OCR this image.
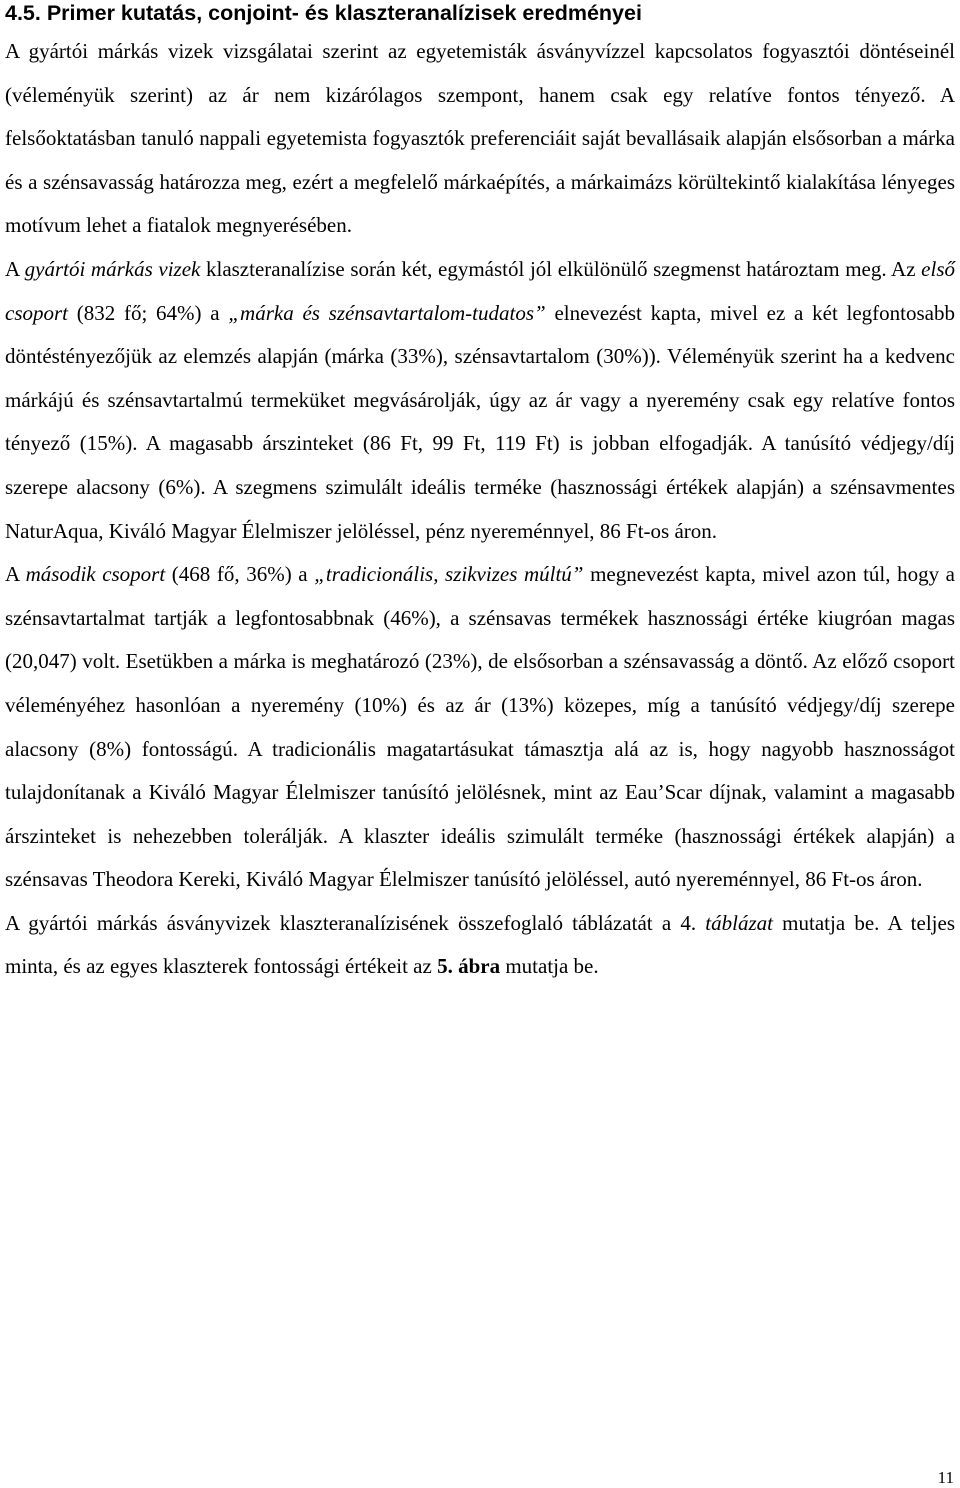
4.5. Primer kutatás, conjoint- és klaszteranalízisek eredményei

A gyártói márkás vizek vizsgálatai szerint az egyetemisták ásványvízzel kapcsolatos fogyasztói döntéseinél (véleményük szerint) az ár nem kizárólagos szempont, hanem csak egy relatíve fontos tényező. A felsőoktatásban tanuló nappali egyetemista fogyasztók preferenciáit saját bevallásaik alapján elsősorban a márka és a szénsavasság határozza meg, ezért a megfelelő márkaépítés, a márkaimázs körültekintő kialakítása lényeges motívum lehet a fiatalok megnyerésében.

A gyártói márkás vizek klaszteranalízise során két, egymástól jól elkülönülő szegmenst határoztam meg. Az első csoport (832 fő; 64%) a „márka és szénsavtartalom-tudatos” elnevezést kapta, mivel ez a két legfontosabb döntéstényezőjük az elemzés alapján (márka (33%), szénsavtartalom (30%)). Véleményük szerint ha a kedvenc márkájú és szénsavtartalmú termeküket megvásárolják, úgy az ár vagy a nyeremény csak egy relatíve fontos tényező (15%). A magasabb árszinteket (86 Ft, 99 Ft, 119 Ft) is jobban elfogadják. A tanúsító védjegy/díj szerepe alacsony (6%). A szegmens szimulált ideális terméke (hasznossági értékek alapján) a szénsavmentes NaturAqua, Kiváló Magyar Élelmiszer jelöléssel, pénz nyereménnyel, 86 Ft-os áron.

A második csoport (468 fő, 36%) a „tradicionális, szikvizes múltú” megnevezést kapta, mivel azon túl, hogy a szénsavtartalmat tartják a legfontosabbnak (46%), a szénsavas termékek hasznossági értéke kiugróan magas (20,047) volt. Esetükben a márka is meghatározó (23%), de elsősorban a szénsavasság a döntő. Az előző csoport véleményéhez hasonlóan a nyeremény (10%) és az ár (13%) közepes, míg a tanúsító védjegy/díj szerepe alacsony (8%) fontosságú. A tradicionális magatartásukat támasztja alá az is, hogy nagyobb hasznosságot tulajdonítanak a Kiváló Magyar Élelmiszer tanúsító jelölésnek, mint az Eau’Scar díjnak, valamint a magasabb árszinteket is nehezebben tolerálják. A klaszter ideális szimulált terméke (hasznossági értékek alapján) a szénsavas Theodora Kereki, Kiváló Magyar Élelmiszer tanúsító jelöléssel, autó nyereménnyel, 86 Ft-os áron.

A gyártói márkás ásványvizek klaszteranalízisének összefoglaló táblázatát a 4. táblázat mutatja be. A teljes minta, és az egyes klaszterek fontossági értékeit az 5. ábra mutatja be.

11
